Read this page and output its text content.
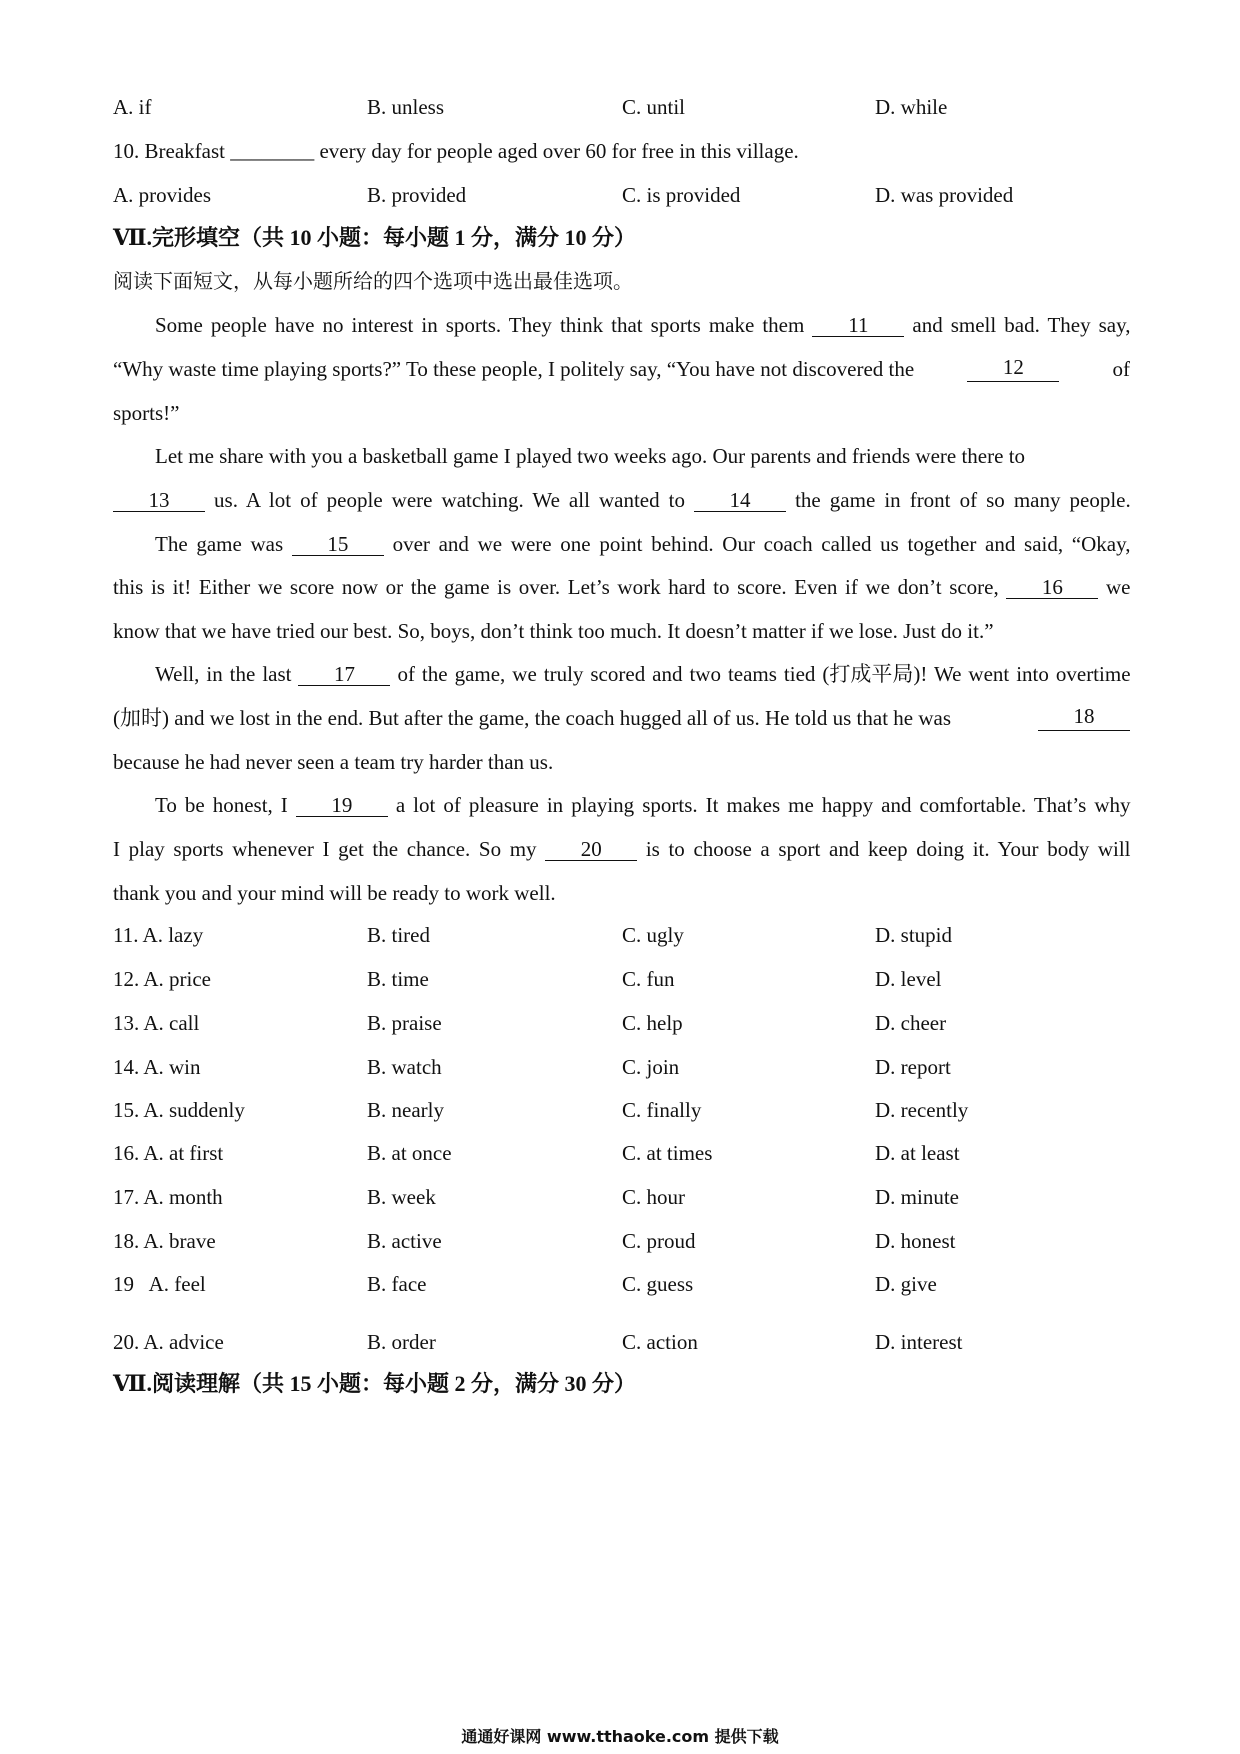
A. if	B. unless	C. until	D. while
10. Breakfast ________ every day for people aged over 60 for free in this village.
A. provides	B. provided	C. is provided	D. was provided
Ⅶ.完形填空（共 10 小题：每小题 1 分，满分 10 分）
阅读下面短文，从每小题所给的四个选项中选出最佳选项。
Some people have no interest in sports. They think that sports make them 11 and smell bad. They say,
“Why waste time playing sports?” To these people, I politely say, “You have not discovered the	12	of
sports!”
Let me share with you a basketball game I played two weeks ago. Our parents and friends were there to
13 us. A lot of people were watching. We all wanted to 14 the game in front of so many people.
The game was 15 over and we were one point behind. Our coach called us together and said, “Okay,
this is it! Either we score now or the game is over. Let’s work hard to score. Even if we don’t score, 16 we
know that we have tried our best. So, boys, don’t think too much. It doesn’t matter if we lose. Just do it.”
Well, in the last 17 of the game, we truly scored and two teams tied (打成平局)! We went into overtime
(加时) and we lost in the end. But after the game, the coach hugged all of us. He told us that he was	18
because he had never seen a team try harder than us.
To be honest, I 19 a lot of pleasure in playing sports. It makes me happy and comfortable. That’s why
I play sports whenever I get the chance. So my 20 is to choose a sport and keep doing it. Your body will
thank you and your mind will be ready to work well.
11. A. lazy	B. tired	C. ugly	D. stupid
12. A. price	B. time	C. fun	D. level
13. A. call	B. praise	C. help	D. cheer
14. A. win	B. watch	C. join	D. report
15. A. suddenly	B. nearly	C. finally	D. recently
16. A. at first	B. at once	C. at times	D. at least
17. A. month	B. week	C. hour	D. minute
18. A. brave	B. active	C. proud	D. honest
19   A. feel	B. face	C. guess	D. give
20. A. advice	B. order	C. action	D. interest
Ⅶ.阅读理解（共 15 小题：每小题 2 分，满分 30 分）
通通好课网 www.tthaoke.com 提供下载
